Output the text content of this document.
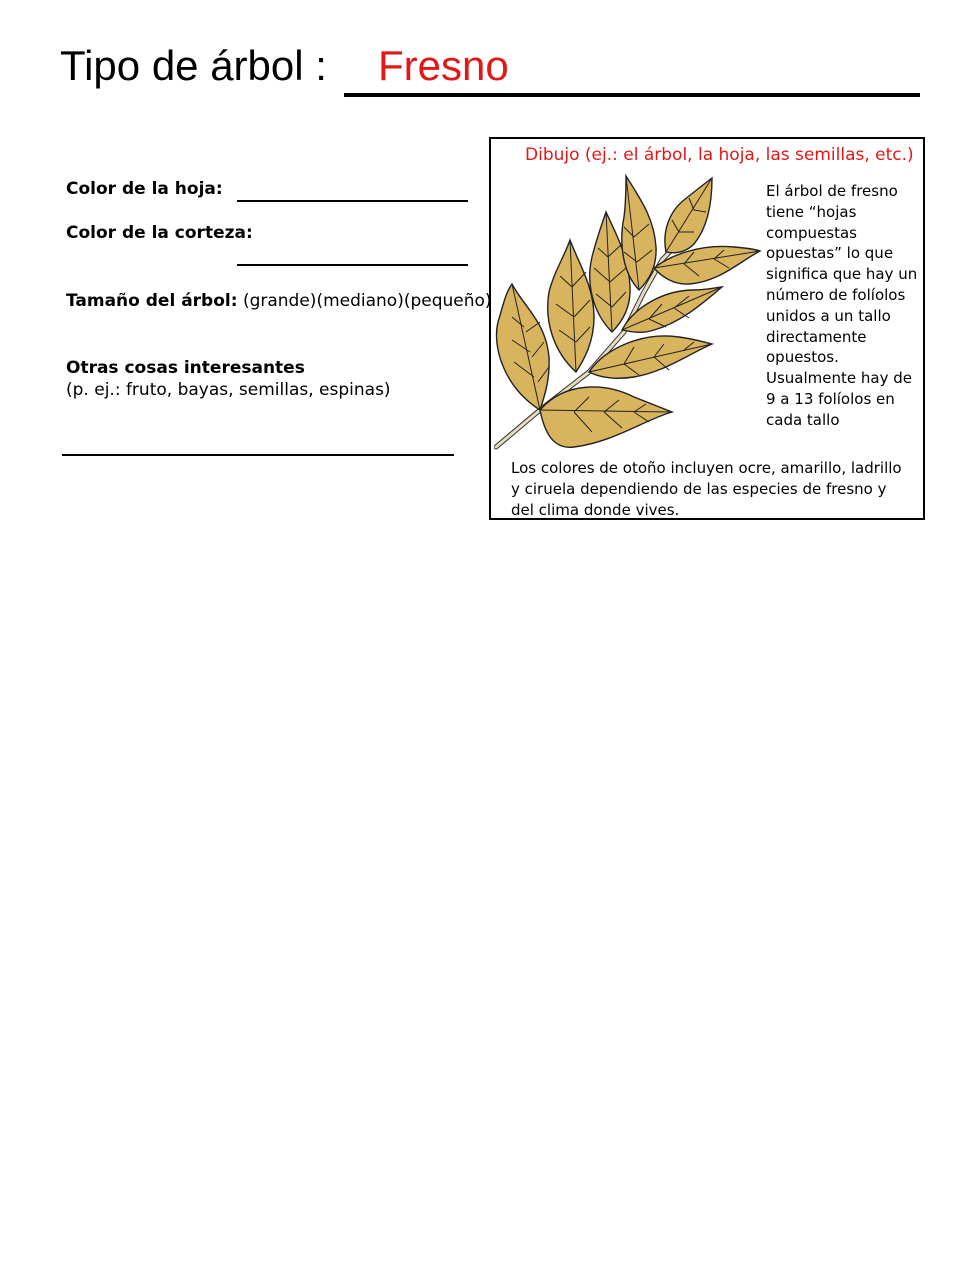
Tipo de árbol : Fresno
Color de la hoja:
Color de la corteza:
Tamaño del árbol: (grande)(mediano)(pequeño)
Otras cosas interesantes
(p. ej.: fruto, bayas, semillas, espinas)
Dibujo (ej.: el árbol, la hoja, las semillas, etc.)
El árbol de fresno tiene “hojas compuestas opuestas” lo que significa que hay un número de folíolos unidos a un tallo directamente opuestos. Usualmente hay de 9 a 13 folíolos en cada tallo
Los colores de otoño incluyen ocre, amarillo, ladrillo y ciruela dependiendo de las especies de fresno y del clima donde vives.
